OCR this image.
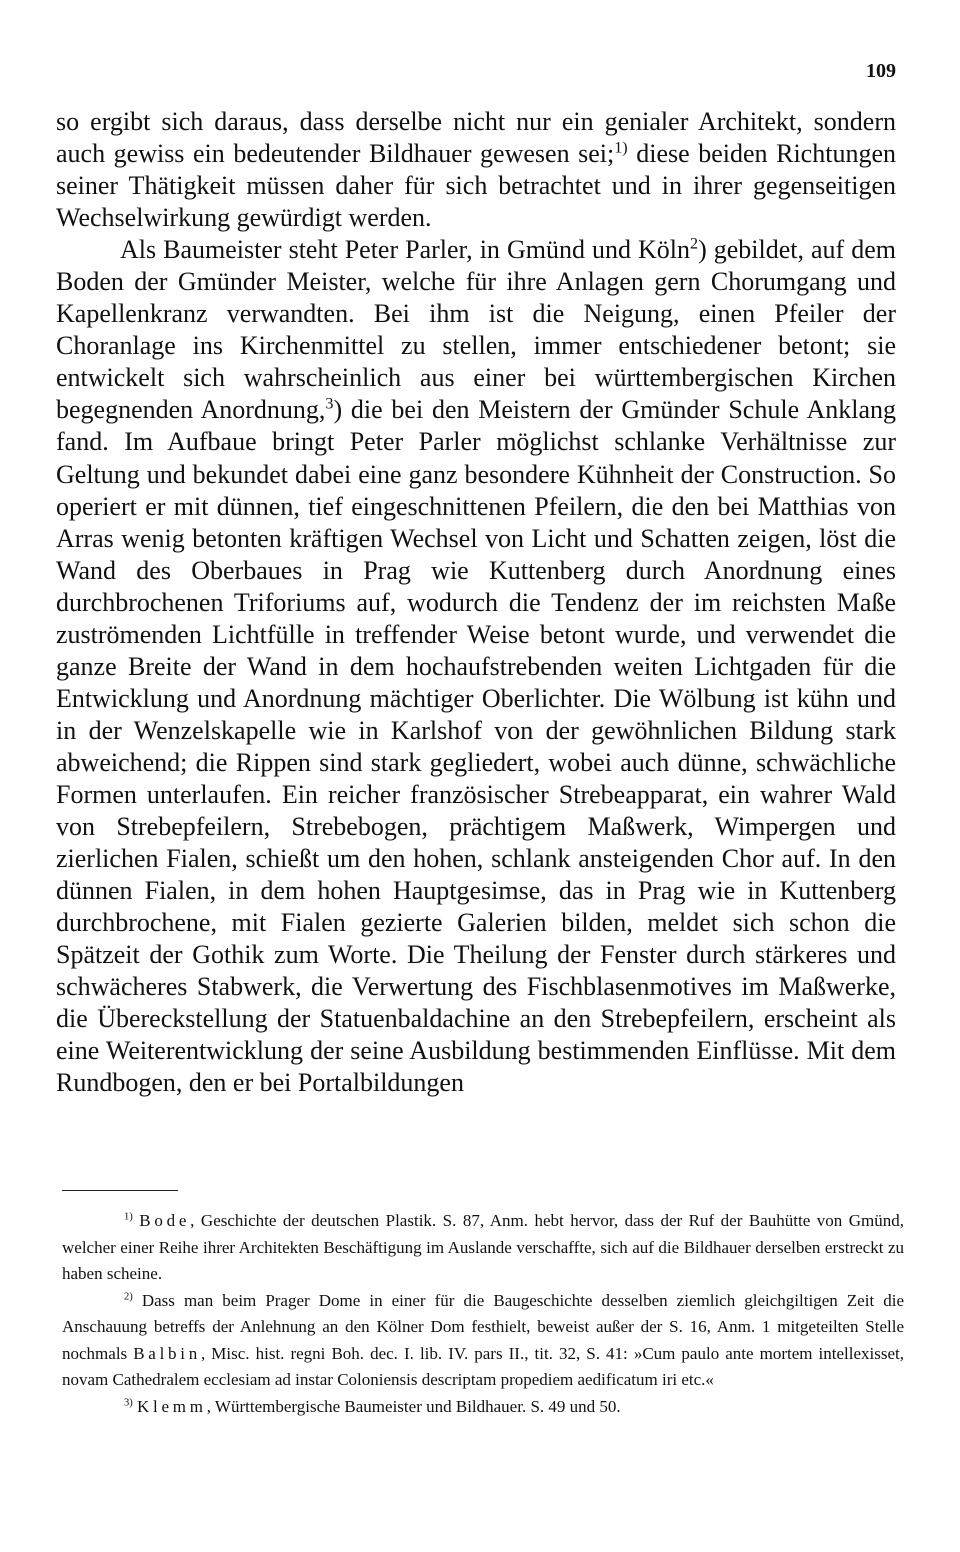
109

so ergibt sich daraus, dass derselbe nicht nur ein genialer Architekt, sondern auch gewiss ein bedeutender Bildhauer gewesen sei;$^{1)}$ diese beiden Richtungen seiner Thätigkeit müssen daher für sich betrachtet und in ihrer gegenseitigen Wechselwirkung gewürdigt werden.

Als Baumeister steht Peter Parler, in Gmünd und Köln$^2$) gebildet, auf dem Boden der Gmünder Meister, welche für ihre Anlagen gern Chorumgang und Kapellenkranz verwandten. Bei ihm ist die Neigung, einen Pfeiler der Choranlage ins Kirchenmittel zu stellen, immer entschiedener betont; sie entwickelt sich wahrscheinlich aus einer bei württembergischen Kirchen begegnenden Anordnung,$^3$) die bei den Meistern der Gmünder Schule Anklang fand. Im Aufbaue bringt Peter Parler möglichst schlanke Verhältnisse zur Geltung und bekundet dabei eine ganz besondere Kühnheit der Construction. So operiert er mit dünnen, tief eingeschnittenen Pfeilern, die den bei Matthias von Arras wenig betonten kräftigen Wechsel von Licht und Schatten zeigen, löst die Wand des Oberbaues in Prag wie Kuttenberg durch Anordnung eines durchbrochenen Triforiums auf, wodurch die Tendenz der im reichsten Maße zuströmenden Lichtfülle in treffender Weise betont wurde, und verwendet die ganze Breite der Wand in dem hochaufstrebenden weiten Lichtgaden für die Entwicklung und Anordnung mächtiger Oberlichter. Die Wölbung ist kühn und in der Wenzelskapelle wie in Karlshof von der gewöhnlichen Bildung stark abweichend; die Rippen sind stark gegliedert, wobei auch dünne, schwächliche Formen unterlaufen. Ein reicher französischer Strebeapparat, ein wahrer Wald von Strebepfeilern, Strebebogen, prächtigem Maßwerk, Wimpergen und zierlichen Fialen, schießt um den hohen, schlank ansteigenden Chor auf. In den dünnen Fialen, in dem hohen Hauptgesimse, das in Prag wie in Kuttenberg durchbrochene, mit Fialen gezierte Galerien bilden, meldet sich schon die Spätzeit der Gothik zum Worte. Die Theilung der Fenster durch stärkeres und schwächeres Stabwerk, die Verwertung des Fischblasenmotives im Maßwerke, die Übereckstellung der Statuenbaldachine an den Strebepfeilern, erscheint als eine Weiterentwicklung der seine Ausbildung bestimmenden Einflüsse. Mit dem Rundbogen, den er bei Portalbildungen

$^{1)}$ Bode, Geschichte der deutschen Plastik. S. 87, Anm. hebt hervor, dass der Ruf der Bauhütte von Gmünd, welcher einer Reihe ihrer Architekten Beschäftigung im Auslande verschaffte, sich auf die Bildhauer derselben erstreckt zu haben scheine.

$^{2)}$ Dass man beim Prager Dome in einer für die Baugeschichte desselben ziemlich gleichgiltigen Zeit die Anschauung betreffs der Anlehnung an den Kölner Dom festhielt, beweist außer der S. 16, Anm. 1 mitgeteilten Stelle nochmals Balbin, Misc. hist. regni Boh. dec. I. lib. IV. pars II., tit. 32, S. 41: »Cum paulo ante mortem intellexisset, novam Cathedralem ecclesiam ad instar Coloniensis descriptam propediem aedificatum iri etc.«

$^{3)}$ Klemm, Württembergische Baumeister und Bildhauer. S. 49 und 50.
